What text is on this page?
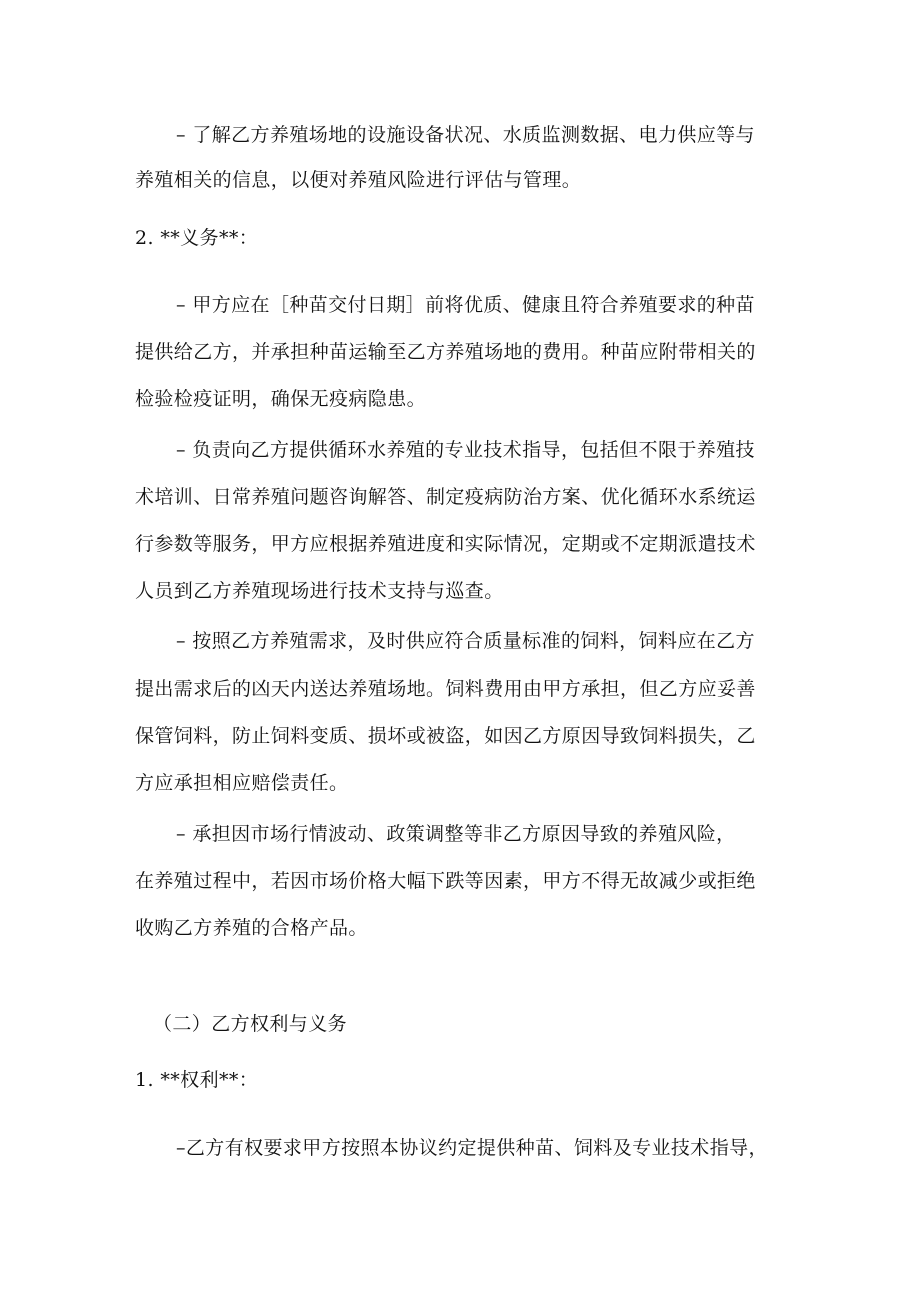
– 了解乙方养殖场地的设施设备状况、水质监测数据、电力供应等与

养殖相关的信息，以便对养殖风险进行评估与管理。

2. **义务**：

– 甲方应在［种苗交付日期］前将优质、健康且符合养殖要求的种苗

提供给乙方，并承担种苗运输至乙方养殖场地的费用。种苗应附带相关的

检验检疫证明，确保无疫病隐患。

– 负责向乙方提供循环水养殖的专业技术指导，包括但不限于养殖技

术培训、日常养殖问题咨询解答、制定疫病防治方案、优化循环水系统运

行参数等服务，甲方应根据养殖进度和实际情况，定期或不定期派遣技术

人员到乙方养殖现场进行技术支持与巡查。

– 按照乙方养殖需求，及时供应符合质量标准的饲料，饲料应在乙方

提出需求后的凶天内送达养殖场地。饲料费用由甲方承担，但乙方应妥善

保管饲料，防止饲料变质、损坏或被盗，如因乙方原因导致饲料损失，乙

方应承担相应赔偿责任。

– 承担因市场行情波动、政策调整等非乙方原因导致的养殖风险，

在养殖过程中，若因市场价格大幅下跌等因素，甲方不得无故减少或拒绝

收购乙方养殖的合格产品。

（二）乙方权利与义务

1. **权利**：

–乙方有权要求甲方按照本协议约定提供种苗、饲料及专业技术指导，
